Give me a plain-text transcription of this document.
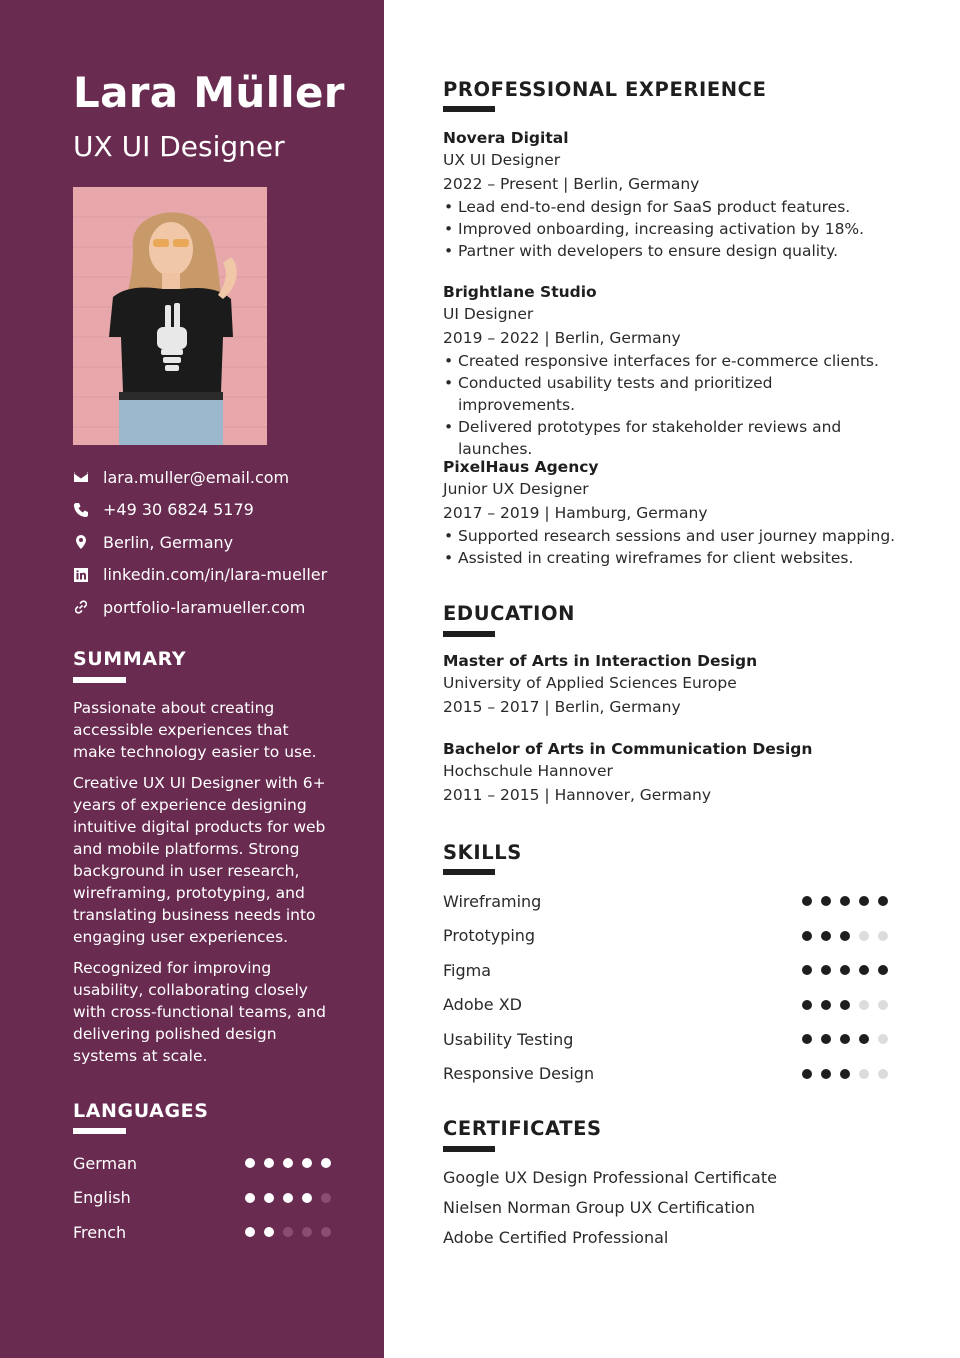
Lara Müller
UX UI Designer
lara.muller@email.com
+49 30 6824 5179
Berlin, Germany
linkedin.com/in/lara-mueller
portfolio-laramueller.com
SUMMARY

Passionate about creating accessible experiences that make technology easier to use.

Creative UX UI Designer with 6+ years of experience designing intuitive digital products for web and mobile platforms. Strong background in user research, wireframing, prototyping, and translating business needs into engaging user experiences.

Recognized for improving usability, collaborating closely with cross-functional teams, and delivering polished design systems at scale.

LANGUAGES
German
English
French
PROFESSIONAL EXPERIENCE
Novera Digital
UX UI Designer
2022 – Present | Berlin, Germany
• Lead end-to-end design for SaaS product features.
• Improved onboarding, increasing activation by 18%.
• Partner with developers to ensure design quality.
Brightlane Studio
UI Designer
2019 – 2022 | Berlin, Germany
• Created responsive interfaces for e-commerce clients.
• Conducted usability tests and prioritized improvements.
• Delivered prototypes for stakeholder reviews and launches.
PixelHaus Agency
Junior UX Designer
2017 – 2019 | Hamburg, Germany
• Supported research sessions and user journey mapping.
• Assisted in creating wireframes for client websites.
EDUCATION
Master of Arts in Interaction Design
University of Applied Sciences Europe
2015 – 2017 | Berlin, Germany
Bachelor of Arts in Communication Design
Hochschule Hannover
2011 – 2015 | Hannover, Germany
SKILLS
Wireframing
Prototyping
Figma
Adobe XD
Usability Testing
Responsive Design
CERTIFICATES
Google UX Design Professional Certificate
Nielsen Norman Group UX Certification
Adobe Certified Professional
